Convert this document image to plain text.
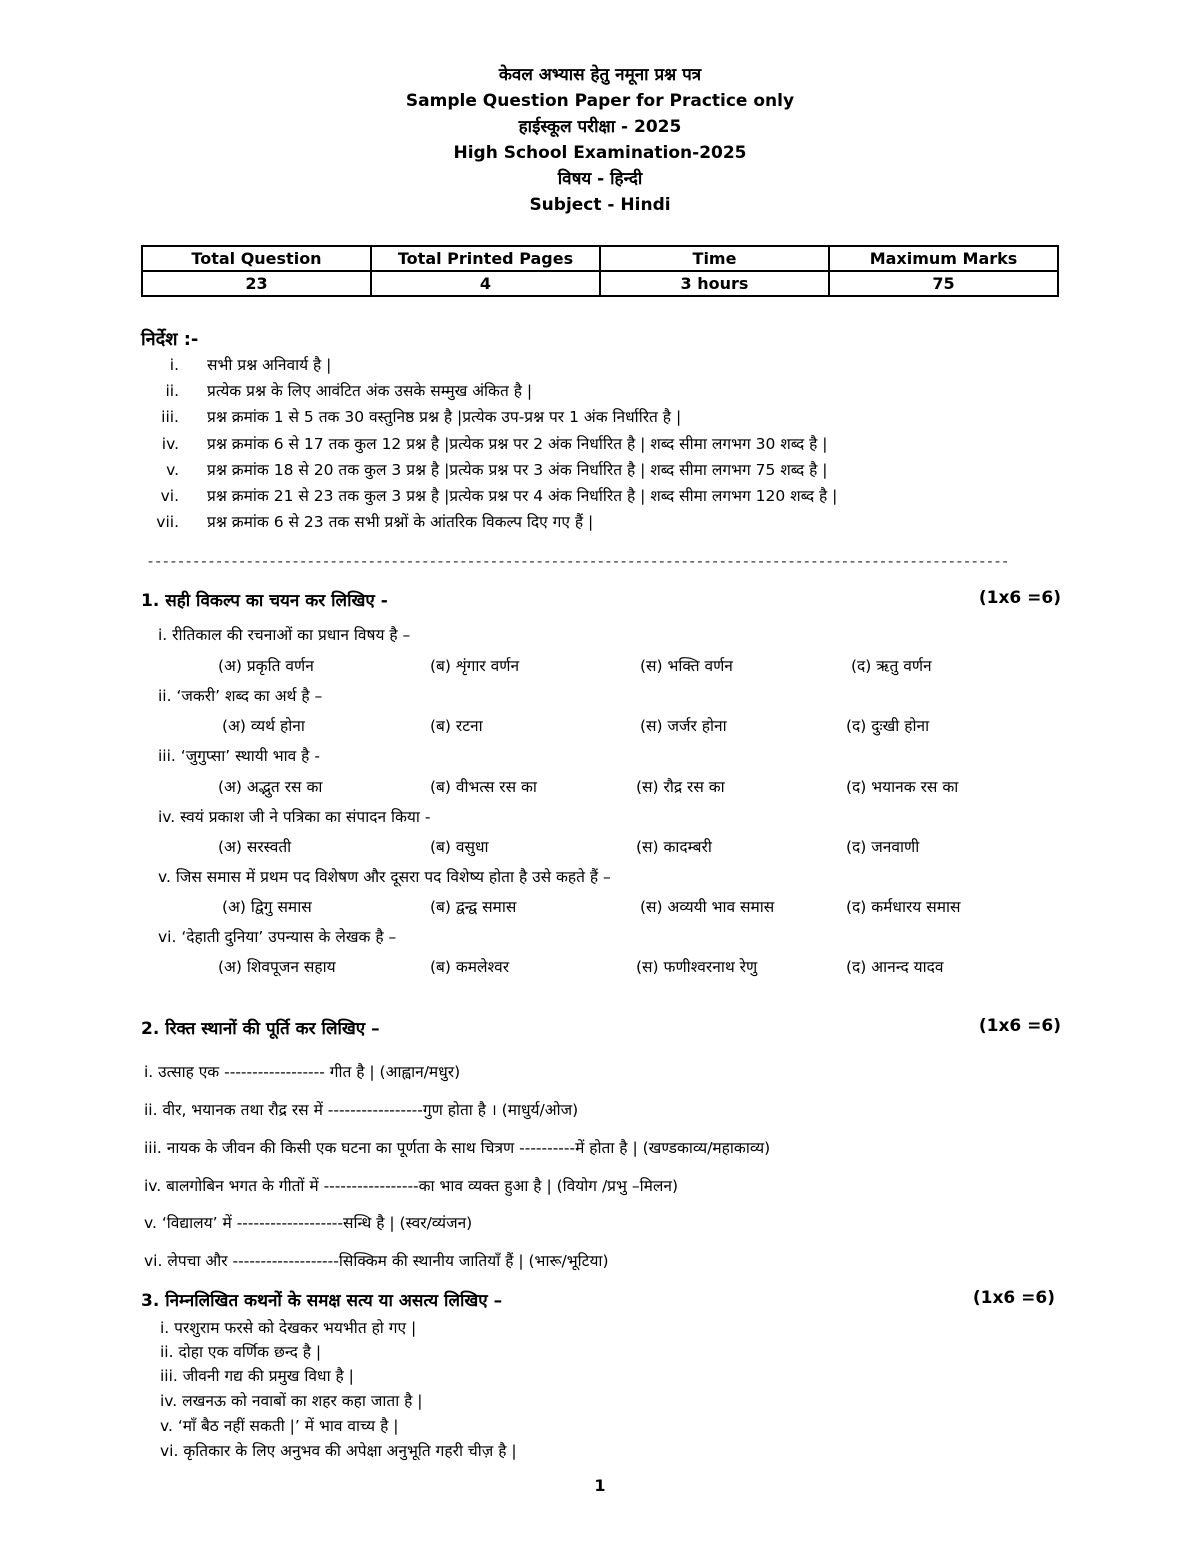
केवल अभ्यास हेतु नमूना प्रश्न पत्र
Sample Question Paper for Practice only
हाईस्कूल परीक्षा - 2025
High School Examination-2025
विषय - हिन्दी
Subject - Hindi
Total Question	Total Printed Pages	Time	Maximum Marks
23	4	3 hours	75
निर्देश :-
i.	सभी प्रश्न अनिवार्य है |
ii.	प्रत्येक प्रश्न के लिए आवंटित अंक उसके सम्मुख अंकित है |
iii.	प्रश्न क्रमांक 1 से 5 तक 30 वस्तुनिष्ठ प्रश्न है |प्रत्येक उप-प्रश्न पर 1 अंक निर्धारित है |
iv.	प्रश्न क्रमांक 6 से 17 तक कुल 12 प्रश्न है |प्रत्येक प्रश्न पर 2 अंक निर्धारित है | शब्द सीमा लगभग 30 शब्द है |
v.	प्रश्न क्रमांक 18 से 20 तक कुल 3 प्रश्न है |प्रत्येक प्रश्न पर 3 अंक निर्धारित है | शब्द सीमा लगभग 75 शब्द है |
vi.	प्रश्न क्रमांक 21 से 23 तक कुल 3 प्रश्न है |प्रत्येक प्रश्न पर 4 अंक निर्धारित है | शब्द सीमा लगभग 120 शब्द है |
vii.	प्रश्न क्रमांक 6 से 23 तक सभी प्रश्नों के आंतरिक विकल्प दिए गए हैं |
-----------------------------------------------------------------------------------------------------------------
1. सही विकल्प का चयन कर लिखिए -	(1x6 =6)
i. रीतिकाल की रचनाओं का प्रधान विषय है –
(अ) प्रकृति वर्णन	(ब) शृंगार वर्णन	(स) भक्ति वर्णन	(द) ऋतु वर्णन
ii. ‘जकरी’ शब्द का अर्थ है –
(अ) व्यर्थ होना	(ब) रटना	(स) जर्जर होना	(द) दुःखी होना
iii. ‘जुगुप्सा’ स्थायी भाव है -
(अ) अद्भुत रस का	(ब) वीभत्स रस का	(स) रौद्र रस का	(द) भयानक रस का
iv. स्वयं प्रकाश जी ने पत्रिका का संपादन किया -
(अ) सरस्वती	(ब) वसुधा	(स) कादम्बरी	(द) जनवाणी
v. जिस समास में प्रथम पद विशेषण और दूसरा पद विशेष्य होता है उसे कहते हैं –
(अ) द्विगु समास	(ब) द्वन्द्व समास	(स) अव्ययी भाव समास	(द) कर्मधारय समास
vi. ‘देहाती दुनिया’ उपन्यास के लेखक है –
(अ) शिवपूजन सहाय	(ब) कमलेश्वर	(स) फणीश्वरनाथ रेणु	(द) आनन्द यादव
2. रिक्त स्थानों की पूर्ति कर लिखिए –	(1x6 =6)
i. उत्साह एक ------------------ गीत है | (आह्वान/मधुर)
ii. वीर, भयानक तथा रौद्र रस में -----------------गुण होता है । (माधुर्य/ओज)
iii. नायक के जीवन की किसी एक घटना का पूर्णता के साथ चित्रण ----------में होता है | (खण्डकाव्य/महाकाव्य)
iv. बालगोबिन भगत के गीतों में -----------------का भाव व्यक्त हुआ है | (वियोग /प्रभु –मिलन)
v. ‘विद्यालय’ में -------------------सन्धि है | (स्वर/व्यंजन)
vi. लेपचा और -------------------सिक्किम की स्थानीय जातियाँ हैं | (भारू/भूटिया)
3. निम्नलिखित कथनों के समक्ष सत्य या असत्य लिखिए –	(1x6 =6)
i. परशुराम फरसे को देखकर भयभीत हो गए |
ii. दोहा एक वर्णिक छन्द है |
iii. जीवनी गद्य की प्रमुख विधा है |
iv. लखनऊ को नवाबों का शहर कहा जाता है |
v. ‘माँ बैठ नहीं सकती |’ में भाव वाच्य है |
vi. कृतिकार के लिए अनुभव की अपेक्षा अनुभूति गहरी चीज़ है |
1
